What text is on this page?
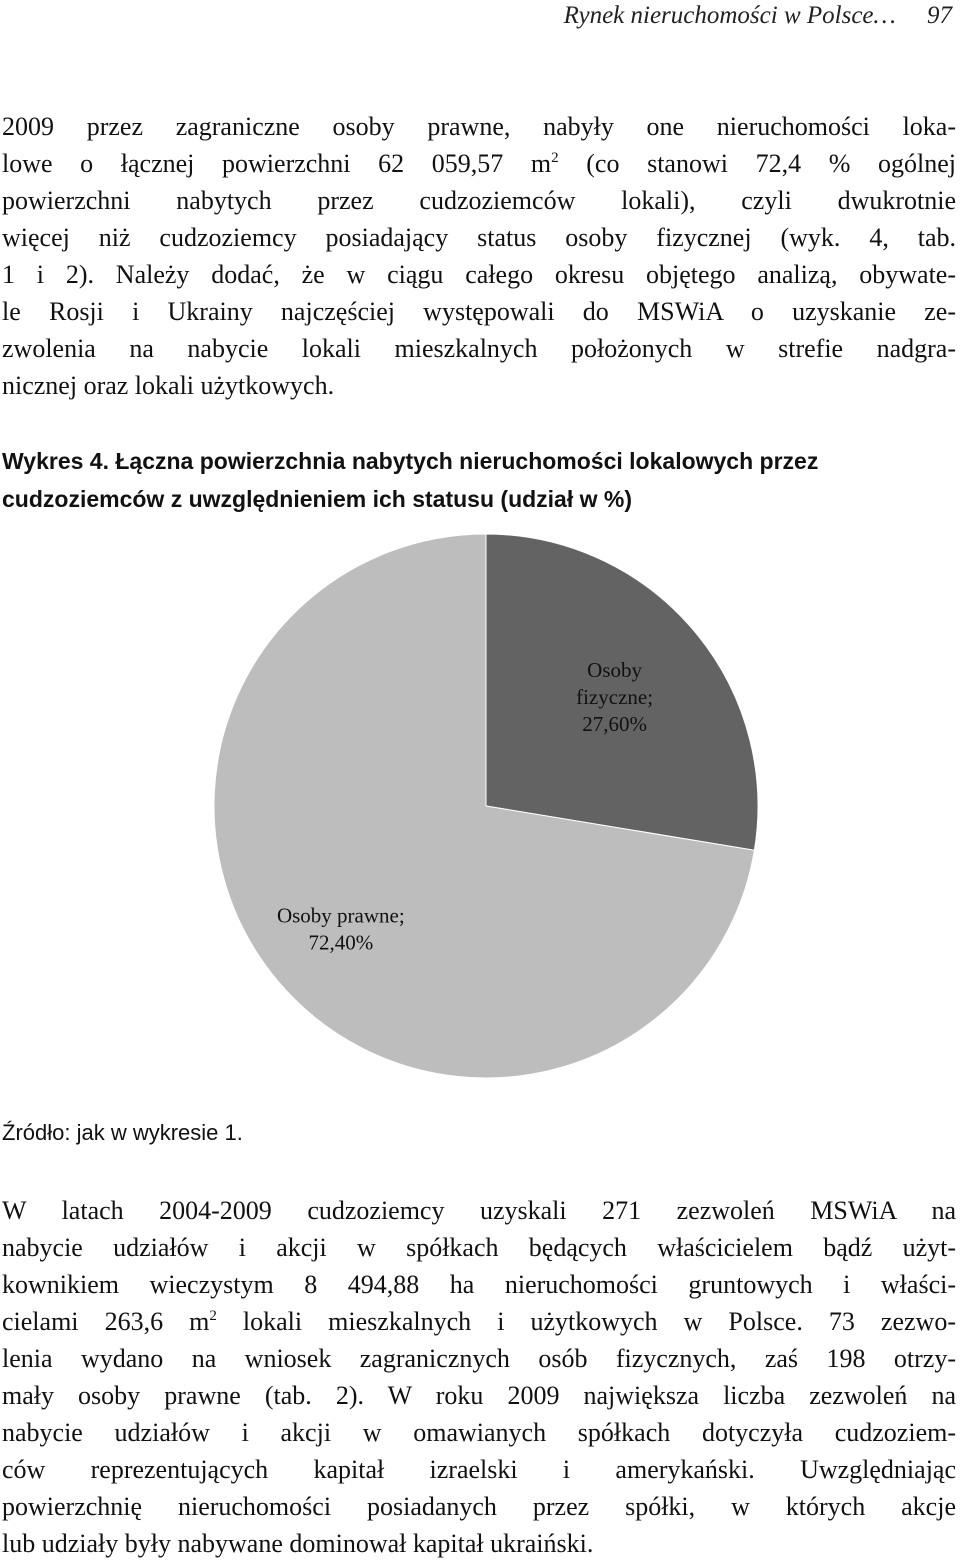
Rynek nieruchomości w Polsce… 97
2009 przez zagraniczne osoby prawne, nabyły one nieruchomości loka-
lowe o łącznej powierzchni 62 059,57 $m^2$ (co stanowi 72,4 % ogólnej
powierzchni nabytych przez cudzoziemców lokali), czyli dwukrotnie
więcej niż cudzoziemcy posiadający status osoby fizycznej (wyk. 4, tab.
1 i 2). Należy dodać, że w ciągu całego okresu objętego analizą, obywate-
le Rosji i Ukrainy najczęściej występowali do MSWiA o uzyskanie ze-
zwolenia na nabycie lokali mieszkalnych położonych w strefie nadgra-
nicznej oraz lokali użytkowych.
Wykres 4. Łączna powierzchnia nabytych nieruchomości lokalowych przez
cudzoziemców z uwzględnieniem ich statusu (udział w %)
Osoby fizyczne; 27,60%
Osoby prawne; 72,40%
Źródło: jak w wykresie 1.
W latach 2004-2009 cudzoziemcy uzyskali 271 zezwoleń MSWiA na
nabycie udziałów i akcji w spółkach będących właścicielem bądź użyt-
kownikiem wieczystym 8 494,88 ha nieruchomości gruntowych i właści-
cielami 263,6 $m^2$ lokali mieszkalnych i użytkowych w Polsce. 73 zezwo-
lenia wydano na wniosek zagranicznych osób fizycznych, zaś 198 otrzy-
mały osoby prawne (tab. 2). W roku 2009 największa liczba zezwoleń na
nabycie udziałów i akcji w omawianych spółkach dotyczyła cudzoziem-
ców reprezentujących kapitał izraelski i amerykański. Uwzględniając
powierzchnię nieruchomości posiadanych przez spółki, w których akcje
lub udziały były nabywane dominował kapitał ukraiński.
